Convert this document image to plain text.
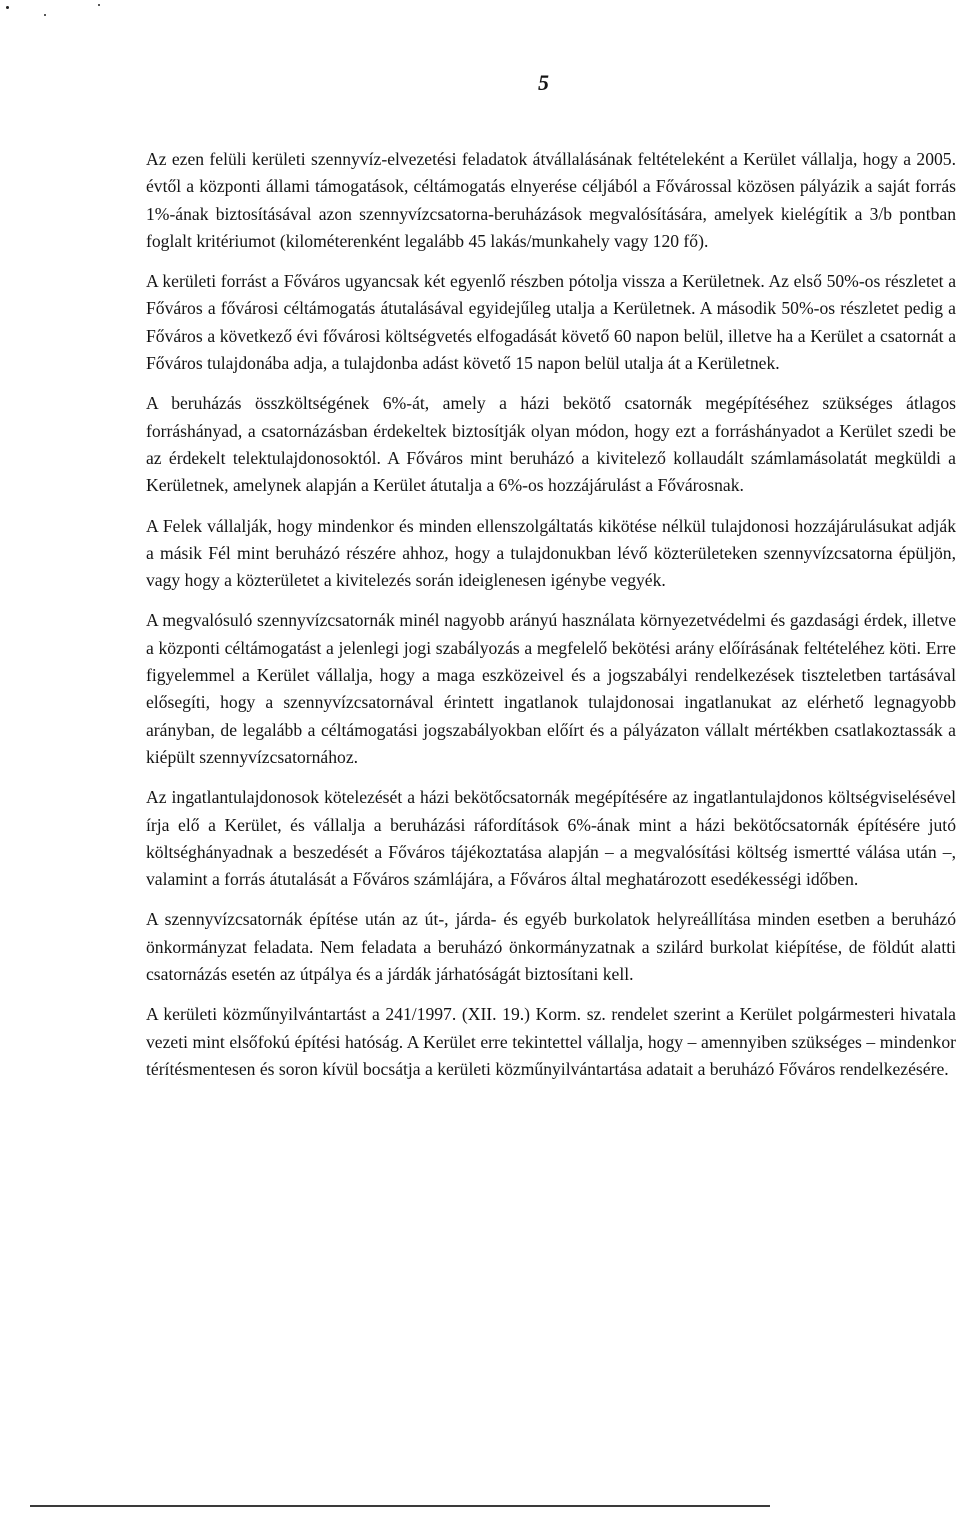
5

Az ezen felüli kerületi szennyvíz-elvezetési feladatok átvállalásának feltételeként a Kerület vállalja, hogy a 2005. évtől a központi állami támogatások, céltámogatás elnyerése céljából a Fővárossal közösen pályázik a saját forrás 1%-ának biztosításával azon szennyvízcsatorna-beruházások megvalósítására, amelyek kielégítik a 3/b pontban foglalt kritériumot (kilométerenként legalább 45 lakás/munkahely vagy 120 fő).

A kerületi forrást a Főváros ugyancsak két egyenlő részben pótolja vissza a Kerületnek. Az első 50%-os részletet a Főváros a fővárosi céltámogatás átutalásával egyidejűleg utalja a Kerületnek. A második 50%-os részletet pedig a Főváros a következő évi fővárosi költségvetés elfogadását követő 60 napon belül, illetve ha a Kerület a csatornát a Főváros tulajdonába adja, a tulajdonba adást követő 15 napon belül utalja át a Kerületnek.

A beruházás összköltségének 6%-át, amely a házi bekötő csatornák megépítéséhez szükséges átlagos forráshányad, a csatornázásban érdekeltek biztosítják olyan módon, hogy ezt a forráshányadot a Kerület szedi be az érdekelt telektulajdonosoktól. A Főváros mint beruházó a kivitelező kollaudált számlamásolatát megküldi a Kerületnek, amelynek alapján a Kerület átutalja a 6%-os hozzájárulást a Fővárosnak.

A Felek vállalják, hogy mindenkor és minden ellenszolgáltatás kikötése nélkül tulajdonosi hozzájárulásukat adják a másik Fél mint beruházó részére ahhoz, hogy a tulajdonukban lévő közterületeken szennyvízcsatorna épüljön, vagy hogy a közterületet a kivitelezés során ideiglenesen igénybe vegyék.

A megvalósuló szennyvízcsatornák minél nagyobb arányú használata környezetvédelmi és gazdasági érdek, illetve a központi céltámogatást a jelenlegi jogi szabályozás a megfelelő bekötési arány előírásának feltételéhez köti. Erre figyelemmel a Kerület vállalja, hogy a maga eszközeivel és a jogszabályi rendelkezések tiszteletben tartásával elősegíti, hogy a szennyvízcsatornával érintett ingatlanok tulajdonosai ingatlanukat az elérhető legnagyobb arányban, de legalább a céltámogatási jogszabályokban előírt és a pályázaton vállalt mértékben csatlakoztassák a kiépült szennyvízcsatornához.

Az ingatlantulajdonosok kötelezését a házi bekötőcsatornák megépítésére az ingatlantulajdonos költségviselésével írja elő a Kerület, és vállalja a beruházási ráfordítások 6%-ának mint a házi bekötőcsatornák építésére jutó költséghányadnak a beszedését a Főváros tájékoztatása alapján – a megvalósítási költség ismertté válása után –, valamint a forrás átutalását a Főváros számlájára, a Főváros által meghatározott esedékességi időben.

A szennyvízcsatornák építése után az út-, járda- és egyéb burkolatok helyreállítása minden esetben a beruházó önkormányzat feladata. Nem feladata a beruházó önkormányzatnak a szilárd burkolat kiépítése, de földút alatti csatornázás esetén az útpálya és a járdák járhatóságát biztosítani kell.

A kerületi közműnyilvántartást a 241/1997. (XII. 19.) Korm. sz. rendelet szerint a Kerület polgármesteri hivatala vezeti mint elsőfokú építési hatóság. A Kerület erre tekintettel vállalja, hogy – amennyiben szükséges – mindenkor térítésmentesen és soron kívül bocsátja a kerületi közműnyilvántartása adatait a beruházó Főváros rendelkezésére.
